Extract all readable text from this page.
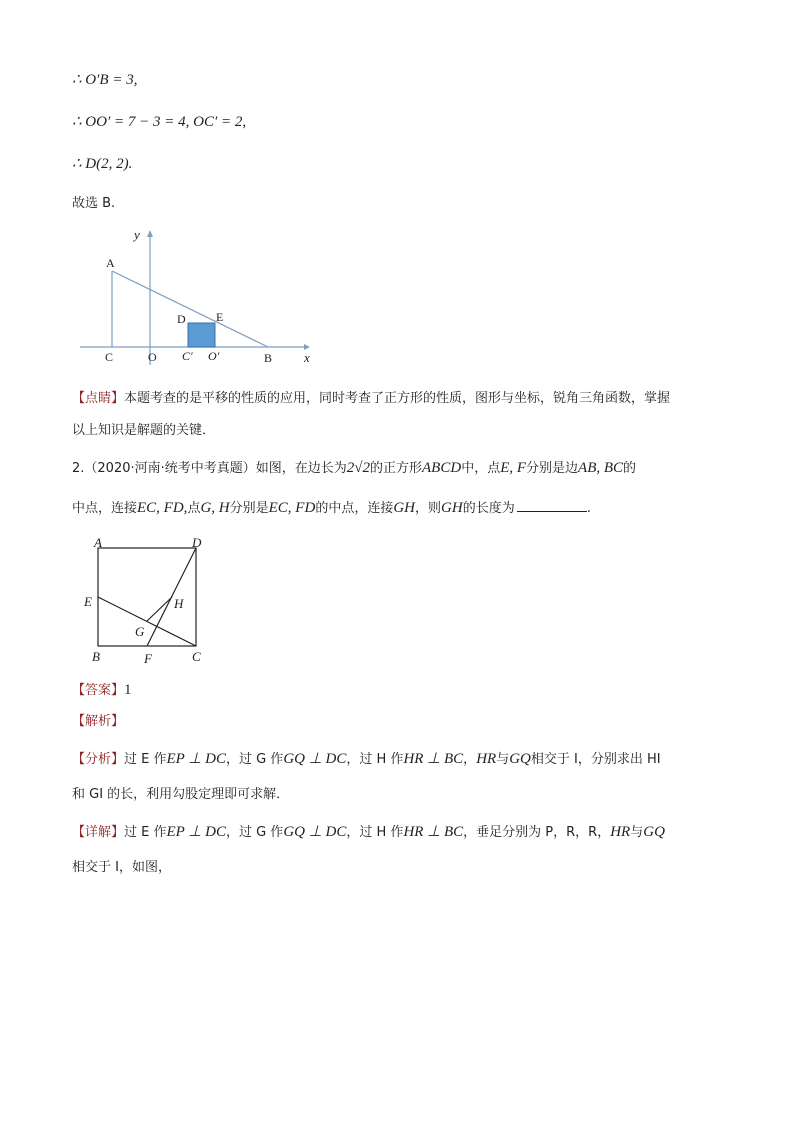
∴ O′B = 3,
∴ OO′ = 7 − 3 = 4, OC′ = 2,
∴ D(2, 2).
故选 B.
y
A
E
D
C	O C′ O′	B x
【点睛】本题考查的是平移的性质的应用，同时考查了正方形的性质，图形与坐标，锐角三角函数，掌握
以上知识是解题的关键．
2.（2020·河南·统考中考真题）如图，在边长为2√2的正方形ABCD中，点E, F分别是边AB, BC的
中点，连接EC, FD,点G, H分别是EC, FD的中点，连接GH，则GH的长度为	.
A	D
E	H
G
B	F	C
【答案】1
【解析】
【分析】过 E 作EP ⊥ DC，过 G 作GQ ⊥ DC，过 H 作HR ⊥ BC，HR与GQ相交于 I，分别求出 HI
和 GI 的长，利用勾股定理即可求解．
【详解】过 E 作EP ⊥ DC，过 G 作GQ ⊥ DC，过 H 作HR ⊥ BC，垂足分别为 P，R，R，HR与GQ
相交于 I，如图，
